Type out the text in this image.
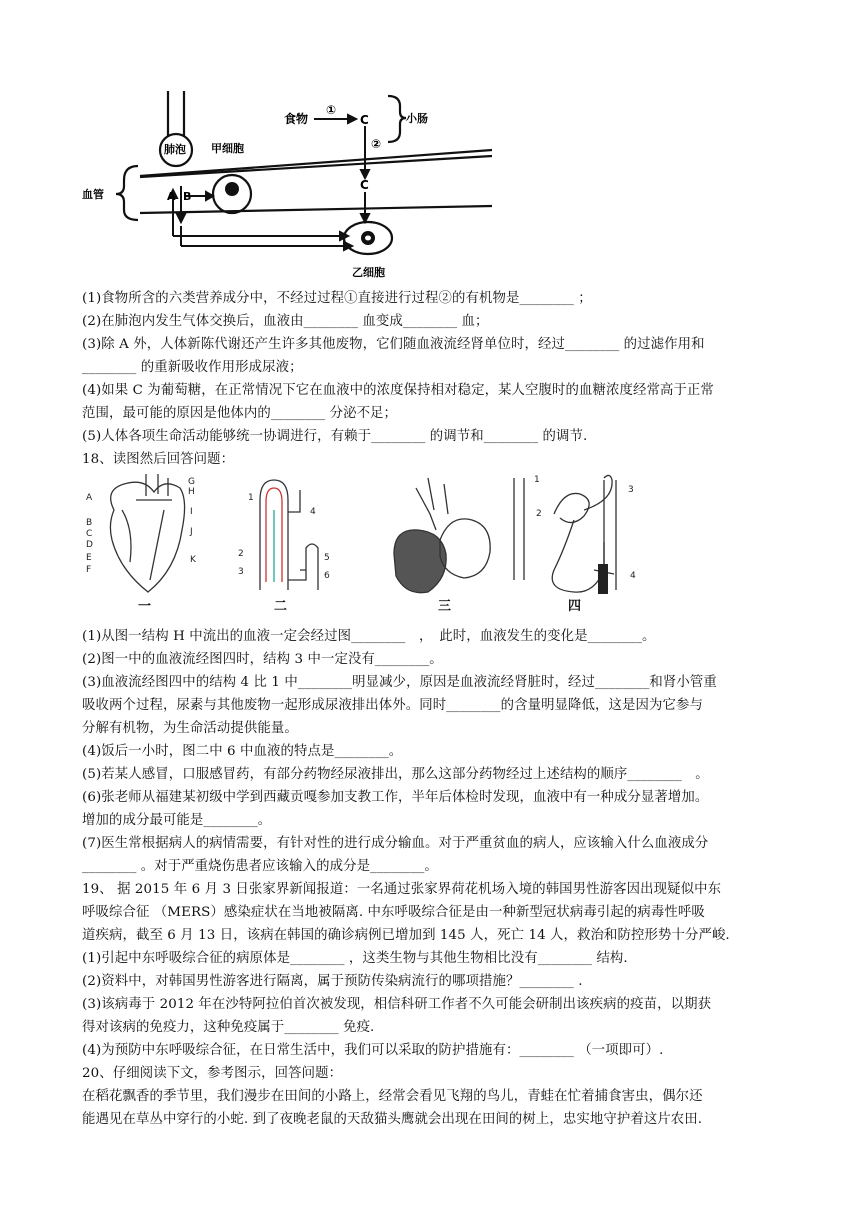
肺泡 甲细胞
乙细胞
血管
食物	小肠
①
②
A B
C
C
(1)食物所含的六类营养成分中，不经过过程①直接进行过程②的有机物是________ ；
(2)在肺泡内发生气体交换后，血液由________ 血变成________ 血；
(3)除 A 外，人体新陈代谢还产生许多其他废物，它们随血液流经肾单位时，经过________ 的过滤作用和
________ 的重新吸收作用形成尿液；
(4)如果 C 为葡萄糖，在正常情况下它在血液中的浓度保持相对稳定，某人空腹时的血糖浓度经常高于正常
范围，最可能的原因是他体内的________ 分泌不足；
(5)人体各项生命活动能够统一协调进行，有赖于________ 的调节和________ 的调节.
18、读图然后回答问题：
A
B
C
D
E
F
G
H
I
J
K
1
2
3
4
5
6
1
2
3
4
一	二	三	四
(1)从图一结构 H 中流出的血液一定会经过图________　，　此时，血液发生的变化是________。
(2)图一中的血液流经图四时，结构 3 中一定没有________。
(3)血液流经图四中的结构 4 比 1 中________明显减少，原因是血液流经肾脏时，经过________和肾小管重
吸收两个过程，尿素与其他废物一起形成尿液排出体外。同时________的含量明显降低，这是因为它参与
分解有机物，为生命活动提供能量。
(4)饭后一小时，图二中 6 中血液的特点是________。
(5)若某人感冒，口服感冒药，有部分药物经尿液排出，那么这部分药物经过上述结构的顺序________　。
(6)张老师从福建某初级中学到西藏贡嘎参加支教工作，半年后体检时发现，血液中有一种成分显著增加。
增加的成分最可能是________。
(7)医生常根据病人的病情需要，有针对性的进行成分输血。对于严重贫血的病人，应该输入什么血液成分
________ 。对于严重烧伤患者应该输入的成分是________。
19、 据 2015 年 6 月 3 日张家界新闻报道：一名通过张家界荷花机场入境的韩国男性游客因出现疑似中东
呼吸综合征 （MERS）感染症状在当地被隔离. 中东呼吸综合征是由一种新型冠状病毒引起的病毒性呼吸
道疾病，截至 6 月 13 日，该病在韩国的确诊病例已增加到 145 人，死亡 14 人，救治和防控形势十分严峻.
(1)引起中东呼吸综合征的病原体是________ ，这类生物与其他生物相比没有________ 结构.
(2)资料中，对韩国男性游客进行隔离，属于预防传染病流行的哪项措施？________ .
(3)该病毒于 2012 年在沙特阿拉伯首次被发现，相信科研工作者不久可能会研制出该疾病的疫苗，以期获
得对该病的免疫力，这种免疫属于________ 免疫.
(4)为预防中东呼吸综合征，在日常生活中，我们可以采取的防护措施有：________ （一项即可）.
20、仔细阅读下文，参考图示，回答问题：
在稻花飘香的季节里，我们漫步在田间的小路上，经常会看见飞翔的鸟儿，青蛙在忙着捕食害虫，偶尔还
能遇见在草丛中穿行的小蛇. 到了夜晚老鼠的天敌猫头鹰就会出现在田间的树上，忠实地守护着这片农田.
